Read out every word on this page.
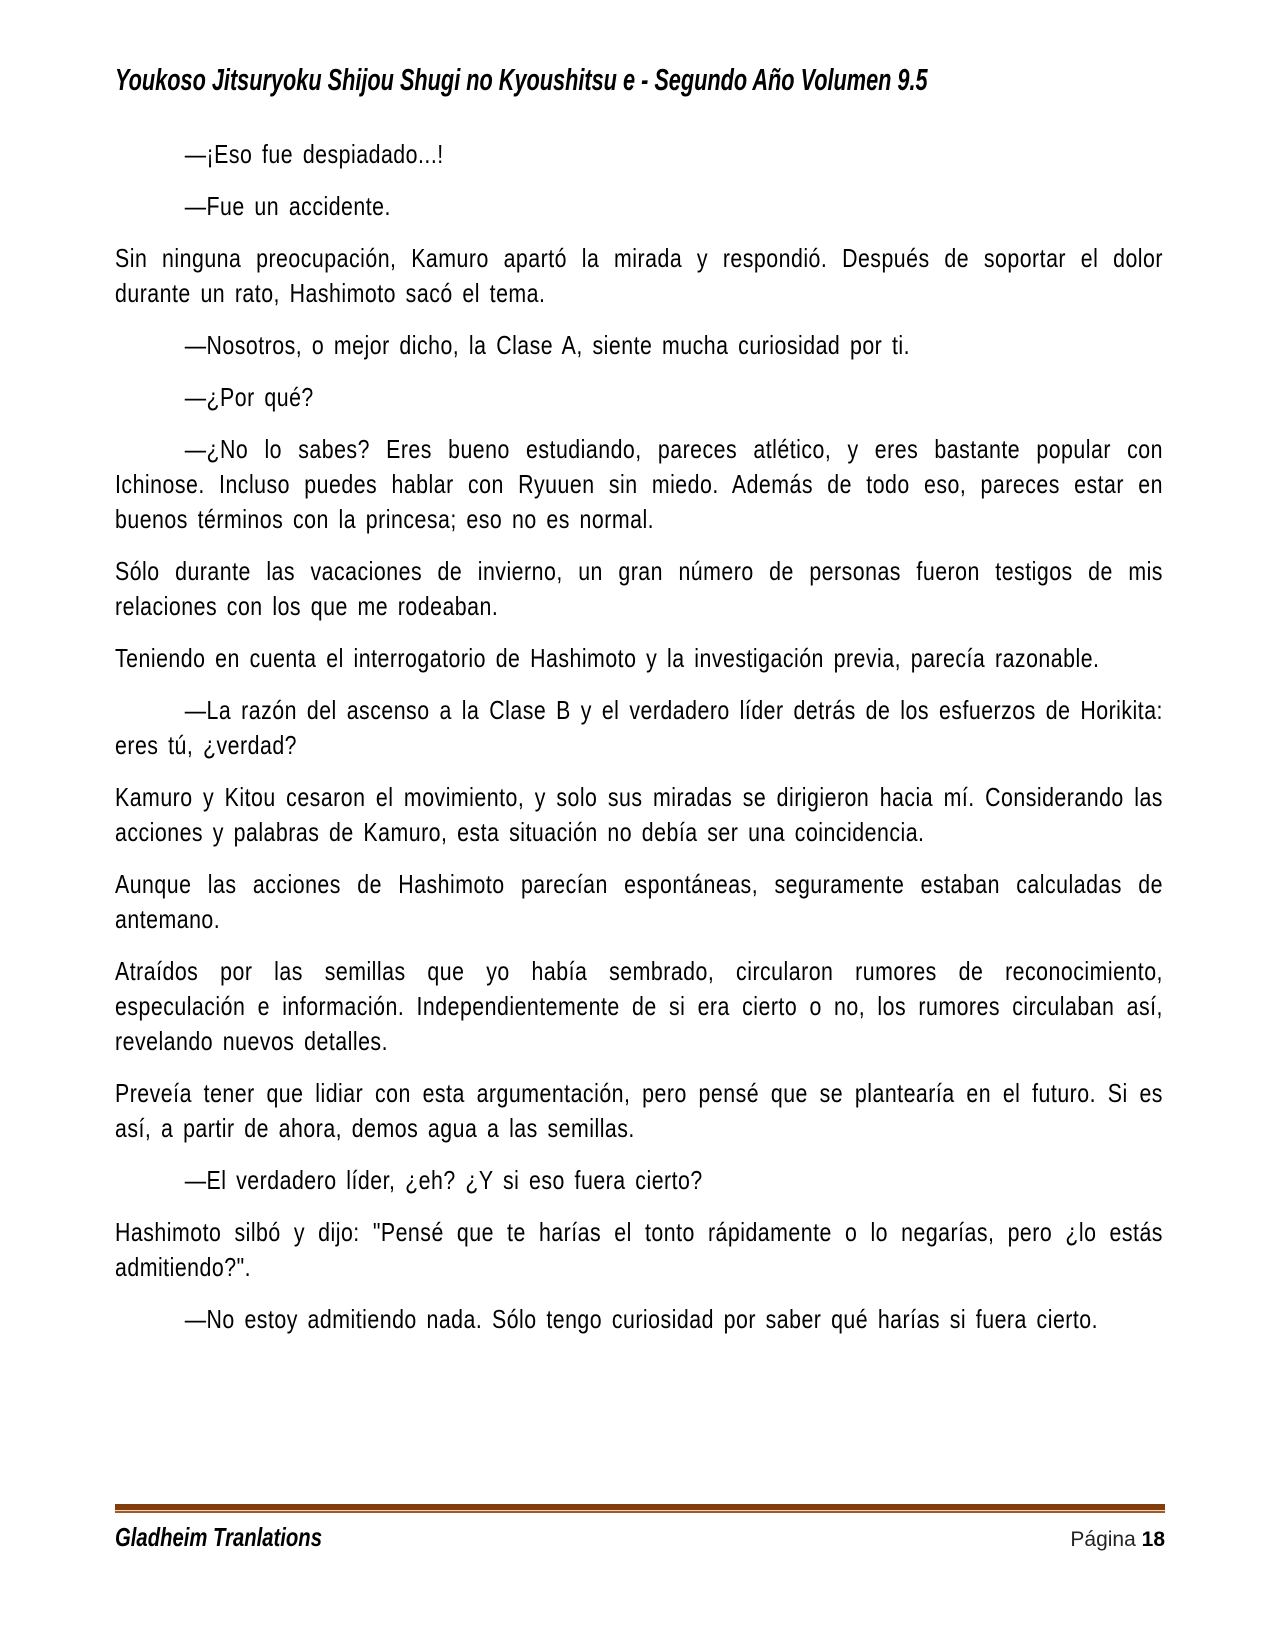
Youkoso Jitsuryoku Shijou Shugi no Kyoushitsu e - Segundo Año Volumen 9.5

—¡Eso fue despiadado...!

—Fue un accidente.

Sin ninguna preocupación, Kamuro apartó la mirada y respondió. Después de soportar el dolor durante un rato, Hashimoto sacó el tema.

—Nosotros, o mejor dicho, la Clase A, siente mucha curiosidad por ti.

—¿Por qué?

—¿No lo sabes? Eres bueno estudiando, pareces atlético, y eres bastante popular con Ichinose. Incluso puedes hablar con Ryuuen sin miedo. Además de todo eso, pareces estar en buenos términos con la princesa; eso no es normal.

Sólo durante las vacaciones de invierno, un gran número de personas fueron testigos de mis relaciones con los que me rodeaban.

Teniendo en cuenta el interrogatorio de Hashimoto y la investigación previa, parecía razonable.

—La razón del ascenso a la Clase B y el verdadero líder detrás de los esfuerzos de Horikita: eres tú, ¿verdad?

Kamuro y Kitou cesaron el movimiento, y solo sus miradas se dirigieron hacia mí. Considerando las acciones y palabras de Kamuro, esta situación no debía ser una coincidencia.

Aunque las acciones de Hashimoto parecían espontáneas, seguramente estaban calculadas de antemano.

Atraídos por las semillas que yo había sembrado, circularon rumores de reconocimiento, especulación e información. Independientemente de si era cierto o no, los rumores circulaban así, revelando nuevos detalles.

Preveía tener que lidiar con esta argumentación, pero pensé que se plantearía en el futuro. Si es así, a partir de ahora, demos agua a las semillas.

—El verdadero líder, ¿eh? ¿Y si eso fuera cierto?

Hashimoto silbó y dijo: "Pensé que te harías el tonto rápidamente o lo negarías, pero ¿lo estás admitiendo?".

—No estoy admitiendo nada. Sólo tengo curiosidad por saber qué harías si fuera cierto.

Gladheim Tranlations	Página 18
